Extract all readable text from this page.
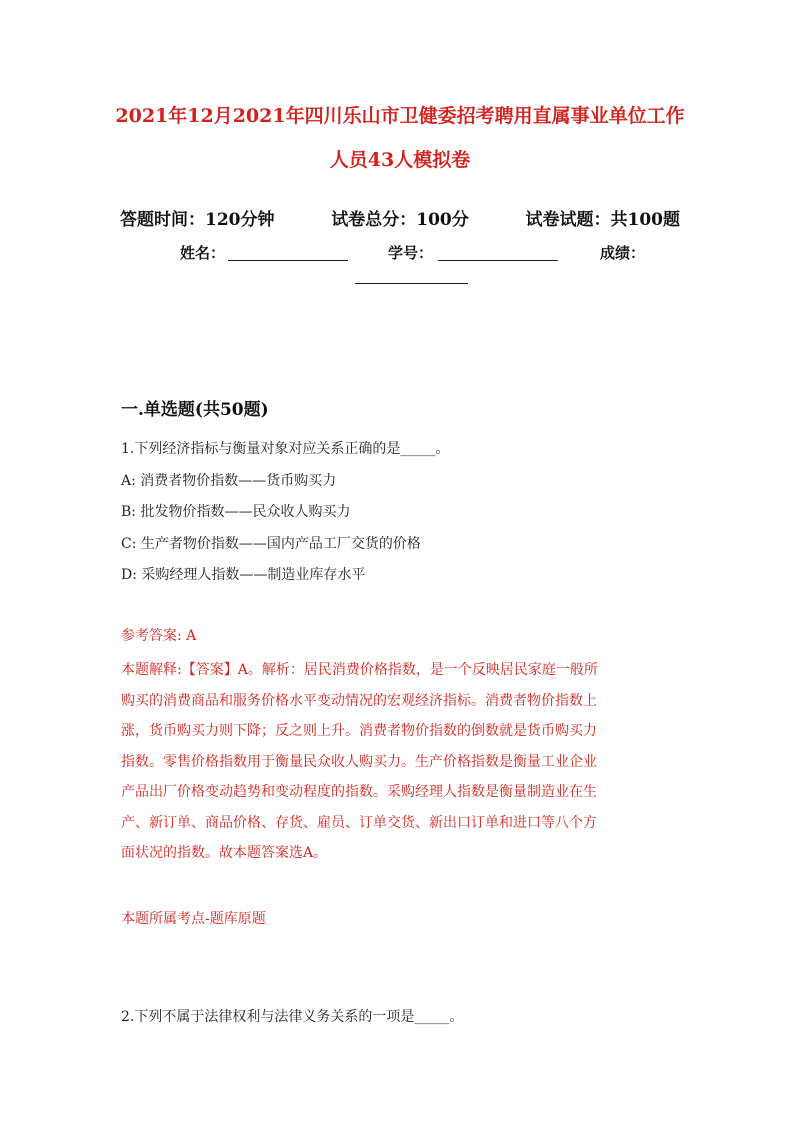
2021年12月2021年四川乐山市卫健委招考聘用直属事业单位工作
人员43人模拟卷
答题时间：120分钟	试卷总分：100分	试卷试题：共100题
姓名：	学号：	成绩：
一.单选题(共50题)
1.下列经济指标与衡量对象对应关系正确的是_____。
A: 消费者物价指数——货币购买力
B: 批发物价指数——民众收人购买力
C: 生产者物价指数——国内产品工厂交货的价格
D: 采购经理人指数——制造业库存水平
参考答案: A
本题解释:【答案】A。解析：居民消费价格指数，是一个反映居民家庭一般所
购买的消费商品和服务价格水平变动情况的宏观经济指标。消费者物价指数上
涨，货币购买力则下降；反之则上升。消费者物价指数的倒数就是货币购买力
指数。零售价格指数用于衡量民众收人购买力。生产价格指数是衡量工业企业
产品出厂价格变动趋势和变动程度的指数。采购经理人指数是衡量制造业在生
产、新订单、商品价格、存货、雇员、订单交货、新出口订单和进口等八个方
面状况的指数。故本题答案选A。
本题所属考点-题库原题
2.下列不属于法律权利与法律义务关系的一项是_____。
